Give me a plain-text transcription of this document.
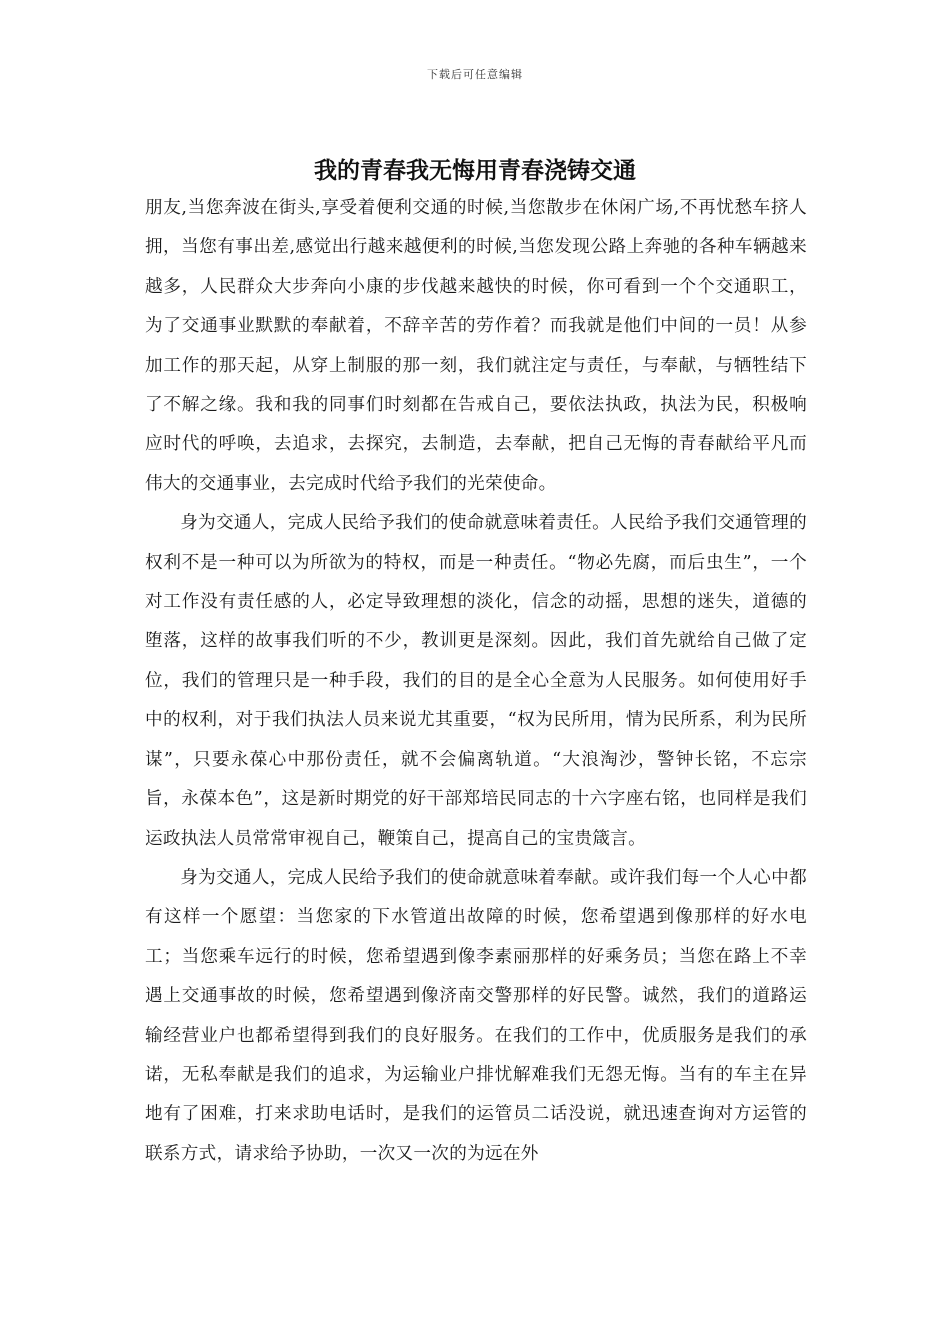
下载后可任意编辑
我的青春我无悔用青春浇铸交通

朋友,当您奔波在街头,享受着便利交通的时候,当您散步在休闲广场,不再忧愁车挤人拥，当您有事出差,感觉出行越来越便利的时候,当您发现公路上奔驰的各种车辆越来越多，人民群众大步奔向小康的步伐越来越快的时候，你可看到一个个交通职工，为了交通事业默默的奉献着，不辞辛苦的劳作着？而我就是他们中间的一员！从参加工作的那天起，从穿上制服的那一刻，我们就注定与责任，与奉献，与牺牲结下了不解之缘。我和我的同事们时刻都在告戒自己，要依法执政，执法为民，积极响应时代的呼唤，去追求，去探究，去制造，去奉献，把自己无悔的青春献给平凡而伟大的交通事业，去完成时代给予我们的光荣使命。

身为交通人，完成人民给予我们的使命就意味着责任。人民给予我们交通管理的权利不是一种可以为所欲为的特权，而是一种责任。“物必先腐，而后虫生”，一个对工作没有责任感的人，必定导致理想的淡化，信念的动摇，思想的迷失，道德的堕落，这样的故事我们听的不少，教训更是深刻。因此，我们首先就给自己做了定位，我们的管理只是一种手段，我们的目的是全心全意为人民服务。如何使用好手中的权利，对于我们执法人员来说尤其重要，“权为民所用，情为民所系，利为民所谋”，只要永葆心中那份责任，就不会偏离轨道。“大浪淘沙，警钟长铭，不忘宗旨，永葆本色”，这是新时期党的好干部郑培民同志的十六字座右铭，也同样是我们运政执法人员常常审视自己，鞭策自己，提高自己的宝贵箴言。

身为交通人，完成人民给予我们的使命就意味着奉献。或许我们每一个人心中都有这样一个愿望：当您家的下水管道出故障的时候，您希望遇到像那样的好水电工；当您乘车远行的时候，您希望遇到像李素丽那样的好乘务员；当您在路上不幸遇上交通事故的时候，您希望遇到像济南交警那样的好民警。诚然，我们的道路运输经营业户也都希望得到我们的良好服务。在我们的工作中，优质服务是我们的承诺，无私奉献是我们的追求，为运输业户排忧解难我们无怨无悔。当有的车主在异地有了困难，打来求助电话时，是我们的运管员二话没说，就迅速查询对方运管的联系方式，请求给予协助，一次又一次的为远在外
